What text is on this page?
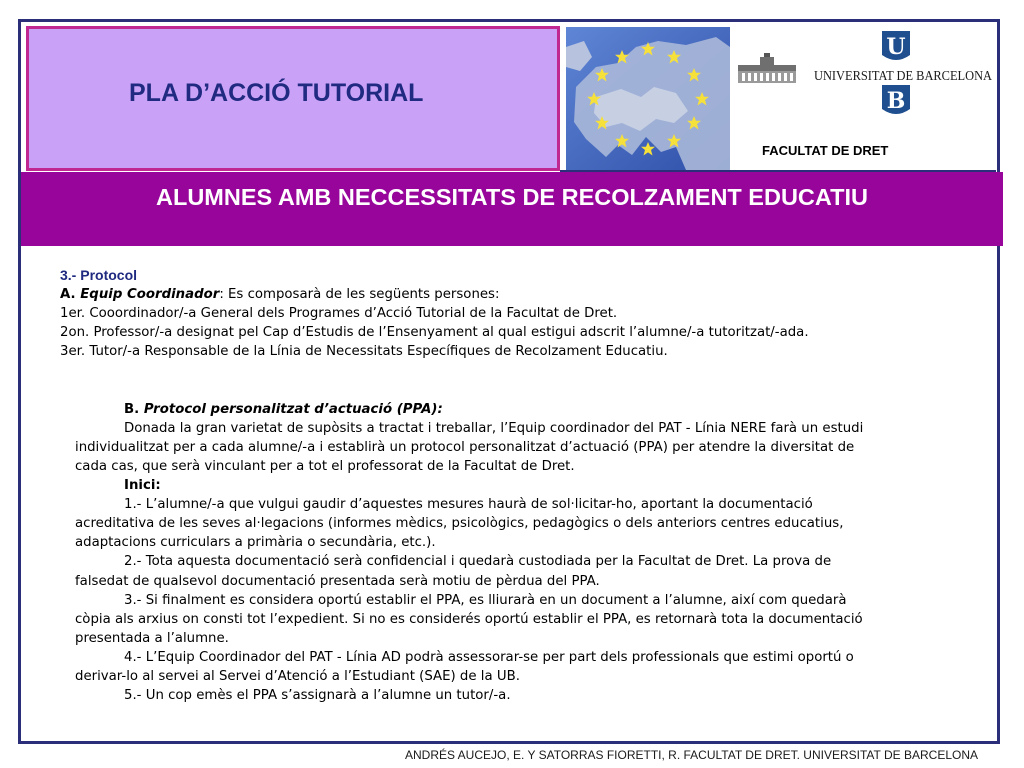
PLA D’ACCIÓ TUTORIAL
U
B
UNIVERSITAT DE BARCELONA
FACULTAT DE DRET
ALUMNES AMB NECCESSITATS DE RECOLZAMENT EDUCATIU
3.- Protocol
A. Equip Coordinador: Es composarà de les següents persones:
1er. Cooordinador/-a General dels Programes d’Acció Tutorial de la Facultat de Dret.
2on. Professor/-a designat pel Cap d’Estudis de l’Ensenyament al qual estigui adscrit l’alumne/-a tutoritzat/-ada.
3er. Tutor/-a Responsable de la Línia de Necessitats Específiques de Recolzament Educatiu.
B. Protocol personalitzat d’actuació (PPA):
Donada la gran varietat de supòsits a tractat i treballar, l’Equip coordinador del PAT - Línia NERE farà un estudi
individualitzat per a cada alumne/-a i establirà un protocol personalitzat d’actuació (PPA) per atendre la diversitat de
cada cas, que serà vinculant per a tot el professorat de la Facultat de Dret.
Inici:
1.- L’alumne/-a que vulgui gaudir d’aquestes mesures haurà de sol·licitar-ho, aportant la documentació
acreditativa de les seves al·legacions (informes mèdics, psicològics, pedagògics o dels anteriors centres educatius,
adaptacions curriculars a primària o secundària, etc.).
2.- Tota aquesta documentació serà confidencial i quedarà custodiada per la Facultat de Dret. La prova de
falsedat de qualsevol documentació presentada serà motiu de pèrdua del PPA.
3.- Si finalment es considera oportú establir el PPA, es lliurarà en un document a l’alumne, així com quedarà
còpia als arxius on consti tot l’expedient. Si no es considerés oportú establir el PPA, es retornarà tota la documentació
presentada a l’alumne.
4.- L’Equip Coordinador del PAT - Línia AD podrà assessorar-se per part dels professionals que estimi oportú o
derivar-lo al servei al Servei d’Atenció a l’Estudiant (SAE) de la UB.
5.- Un cop emès el PPA s’assignarà a l’alumne un tutor/-a.
ANDRÉS AUCEJO, E. Y SATORRAS FIORETTI, R. FACULTAT DE DRET. UNIVERSITAT DE BARCELONA
